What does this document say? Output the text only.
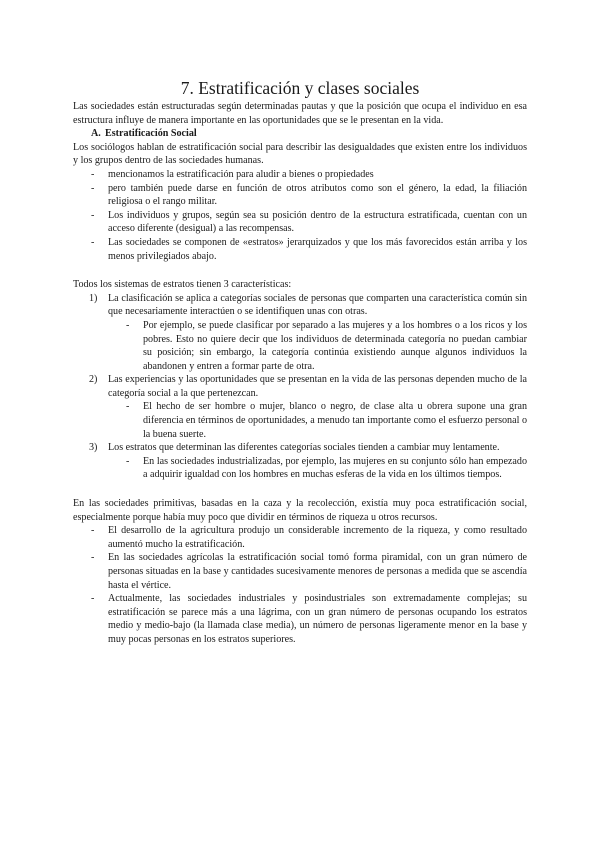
7. Estratificación y clases sociales

Las sociedades están estructuradas según determinadas pautas y que la posición que ocupa el individuo en esa estructura influye de manera importante en las oportunidades que se le presentan en la vida.

A. Estratificación Social

Los sociólogos hablan de estratificación social para describir las desigualdades que existen entre los individuos y los grupos dentro de las sociedades humanas.

- mencionamos la estratificación para aludir a bienes o propiedades
- pero también puede darse en función de otros atributos como son el género, la edad, la filiación religiosa o el rango militar.
- Los individuos y grupos, según sea su posición dentro de la estructura estratificada, cuentan con un acceso diferente (desigual) a las recompensas.
- Las sociedades se componen de «estratos» jerarquizados y que los más favorecidos están arriba y los menos privilegiados abajo.

Todos los sistemas de estratos tienen 3 características:

1) La clasificación se aplica a categorías sociales de personas que comparten una característica común sin que necesariamente interactúen o se identifiquen unas con otras.
- Por ejemplo, se puede clasificar por separado a las mujeres y a los hombres o a los ricos y los pobres. Esto no quiere decir que los individuos de determinada categoría no puedan cambiar su posición; sin embargo, la categoría continúa existiendo aunque algunos individuos la abandonen y entren a formar parte de otra.
2) Las experiencias y las oportunidades que se presentan en la vida de las personas dependen mucho de la categoría social a la que pertenezcan.
- El hecho de ser hombre o mujer, blanco o negro, de clase alta u obrera supone una gran diferencia en términos de oportunidades, a menudo tan importante como el esfuerzo personal o la buena suerte.
3) Los estratos que determinan las diferentes categorías sociales tienden a cambiar muy lentamente.
- En las sociedades industrializadas, por ejemplo, las mujeres en su conjunto sólo han empezado a adquirir igualdad con los hombres en muchas esferas de la vida en los últimos tiempos.

En las sociedades primitivas, basadas en la caza y la recolección, existía muy poca estratificación social, especialmente porque había muy poco que dividir en términos de riqueza u otros recursos.

- El desarrollo de la agricultura produjo un considerable incremento de la riqueza, y como resultado aumentó mucho la estratificación.
- En las sociedades agrícolas la estratificación social tomó forma piramidal, con un gran número de personas situadas en la base y cantidades sucesivamente menores de personas a medida que se ascendía hasta el vértice.
- Actualmente, las sociedades industriales y posindustriales son extremadamente complejas; su estratificación se parece más a una lágrima, con un gran número de personas ocupando los estratos medio y medio-bajo (la llamada clase media), un número de personas ligeramente menor en la base y muy pocas personas en los estratos superiores.
